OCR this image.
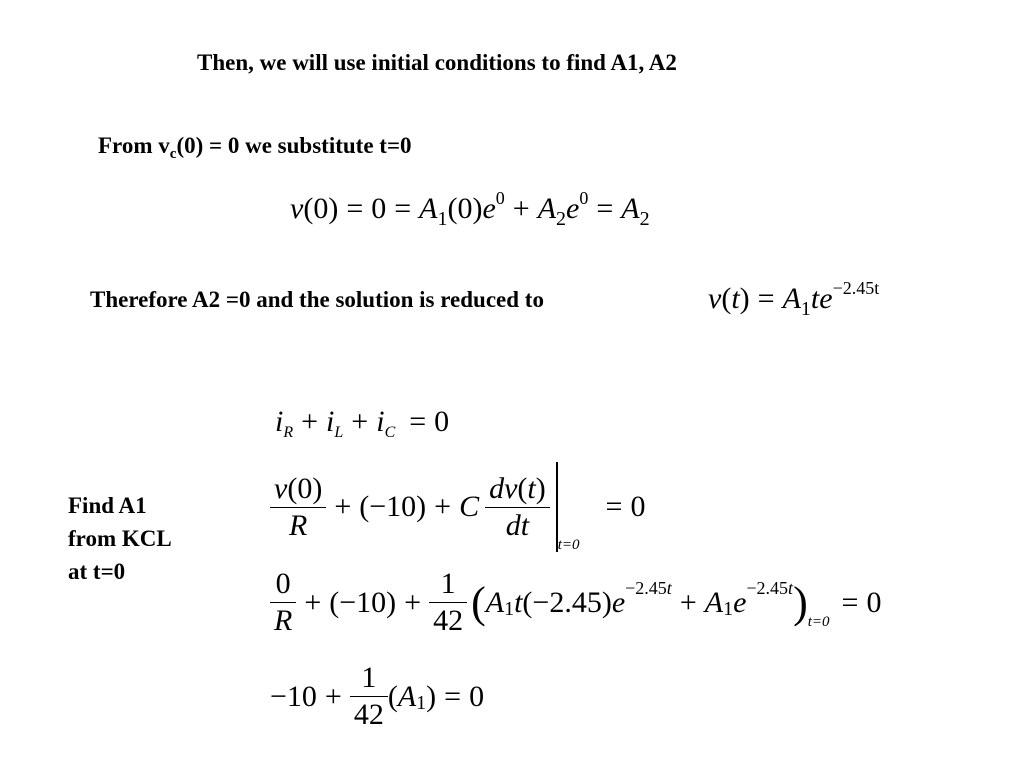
Then, we will use initial conditions to find A1, A2
From $v_c(0) = 0$ we substitute t=0
$v(0) = 0 = A_1(0)e^0 + A_2e^0 = A_2$
Therefore A2 =0 and the solution is reduced to	$v(t) = A_1te^{-2.45t}$
Find A1
from KCL
at t=0
$i_R + i_L + i_C = 0$
$\frac{v(0)}{R} + (-10) + C \frac{dv(t)}{dt}$
t=0
= 0
$\frac{0}{R} + (-10) + \frac{1}{42}$ ( A 1 t (−2.45) e −2.45t + A 1 e −2.45t ) t=0
= 0
$-10 + \frac{1}{42}$ ( A 1 ) = 0
